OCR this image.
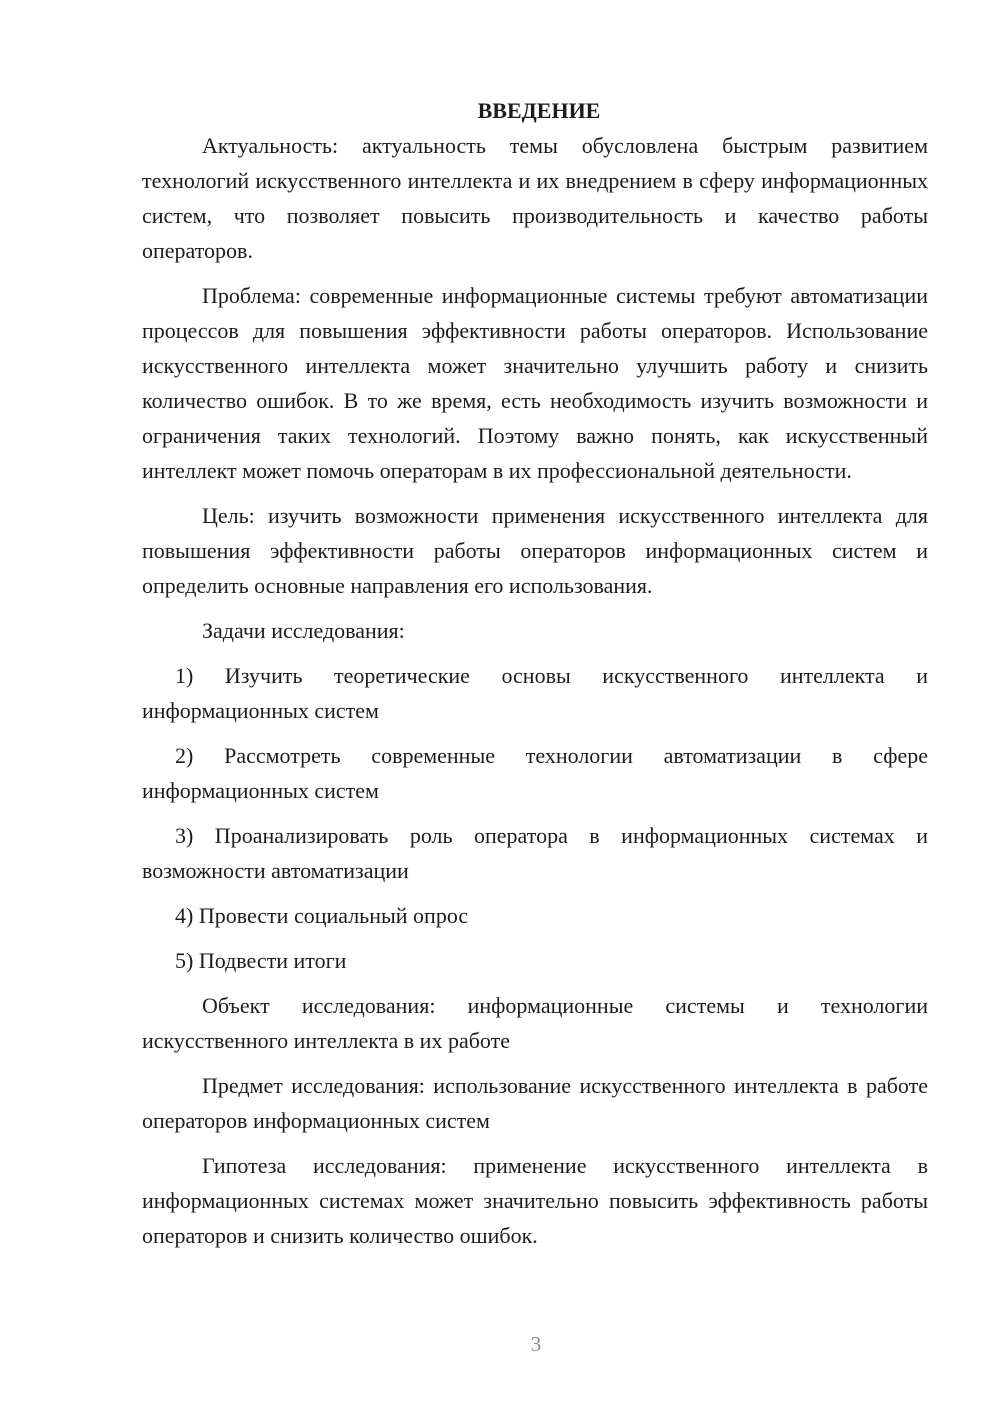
ВВЕДЕНИЕ

Актуальность: актуальность темы обусловлена быстрым развитием технологий искусственного интеллекта и их внедрением в сферу информационных систем, что позволяет повысить производительность и качество работы операторов.

Проблема: современные информационные системы требуют автоматизации процессов для повышения эффективности работы операторов. Использование искусственного интеллекта может значительно улучшить работу и снизить количество ошибок. В то же время, есть необходимость изучить возможности и ограничения таких технологий. Поэтому важно понять, как искусственный интеллект может помочь операторам в их профессиональной деятельности.

Цель: изучить возможности применения искусственного интеллекта для повышения эффективности работы операторов информационных систем и определить основные направления его использования.

Задачи исследования:

1) Изучить теоретические основы искусственного интеллекта и информационных систем

2) Рассмотреть современные технологии автоматизации в сфере информационных систем

3) Проанализировать роль оператора в информационных системах и возможности автоматизации

4) Провести социальный опрос

5) Подвести итоги

Объект исследования: информационные системы и технологии искусственного интеллекта в их работе

Предмет исследования: использование искусственного интеллекта в работе операторов информационных систем

Гипотеза исследования: применение искусственного интеллекта в информационных системах может значительно повысить эффективность работы операторов и снизить количество ошибок.

3
